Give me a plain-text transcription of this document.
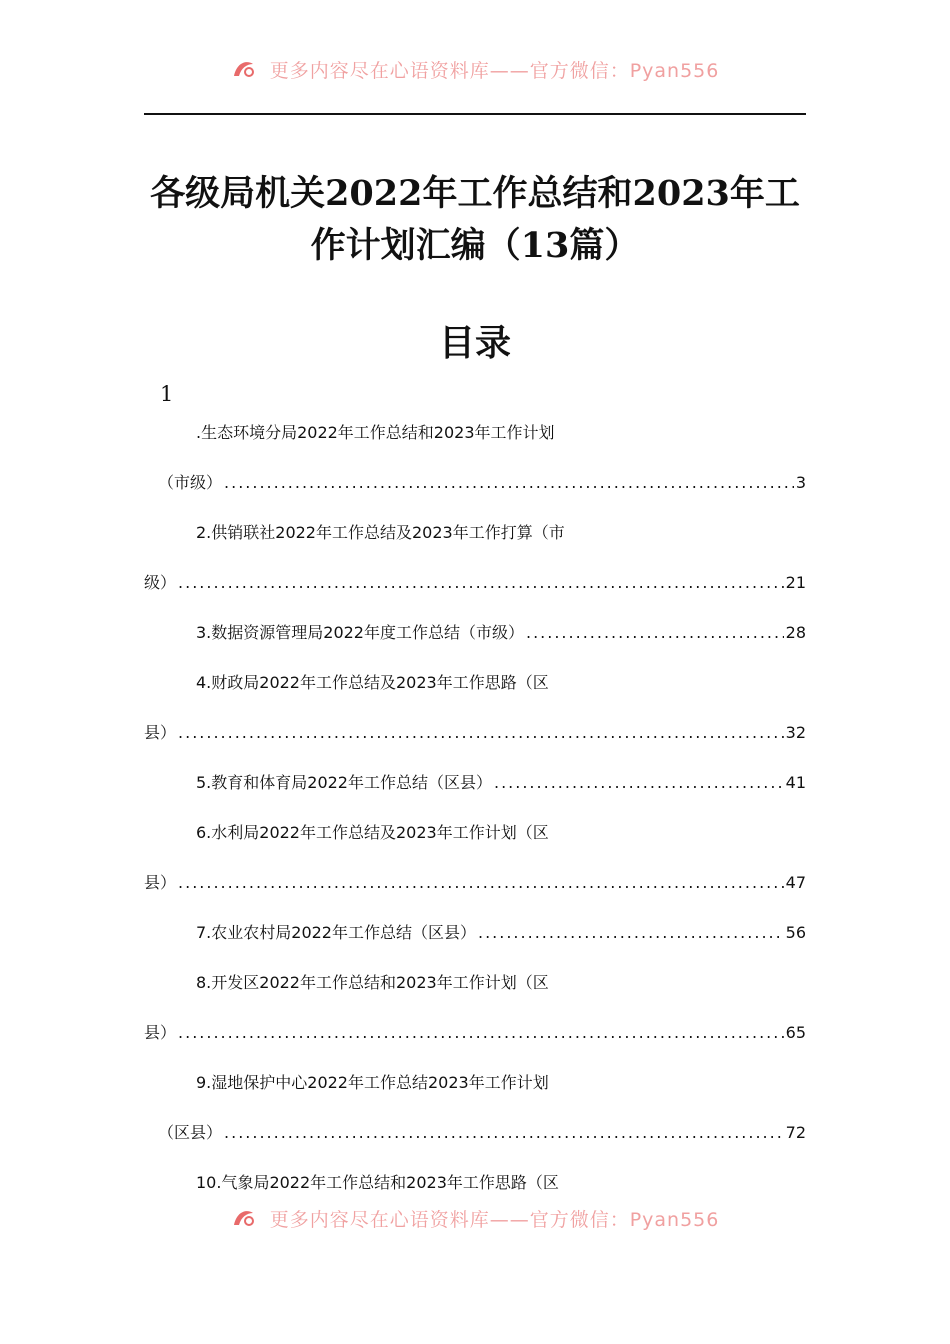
更多内容尽在心语资料库——官方微信：Pyan556
各级局机关2022年工作总结和2023年工作计划汇编（13篇）
目录
1
.生态环境分局2022年工作总结和2023年工作计划
（市级） .....	3
2.供销联社2022年工作总结及2023年工作打算（市
级） .....	21
3.数据资源管理局2022年度工作总结（市级） .....	28
4.财政局2022年工作总结及2023年工作思路（区
县） .....	32
5.教育和体育局2022年工作总结（区县） .....	41
6.水利局2022年工作总结及2023年工作计划（区
县） .....	47
7.农业农村局2022年工作总结（区县） .....	56
8.开发区2022年工作总结和2023年工作计划（区
县） .....	65
9.湿地保护中心2022年工作总结2023年工作计划
（区县） .....	72
10.气象局2022年工作总结和2023年工作思路（区
更多内容尽在心语资料库——官方微信：Pyan556
